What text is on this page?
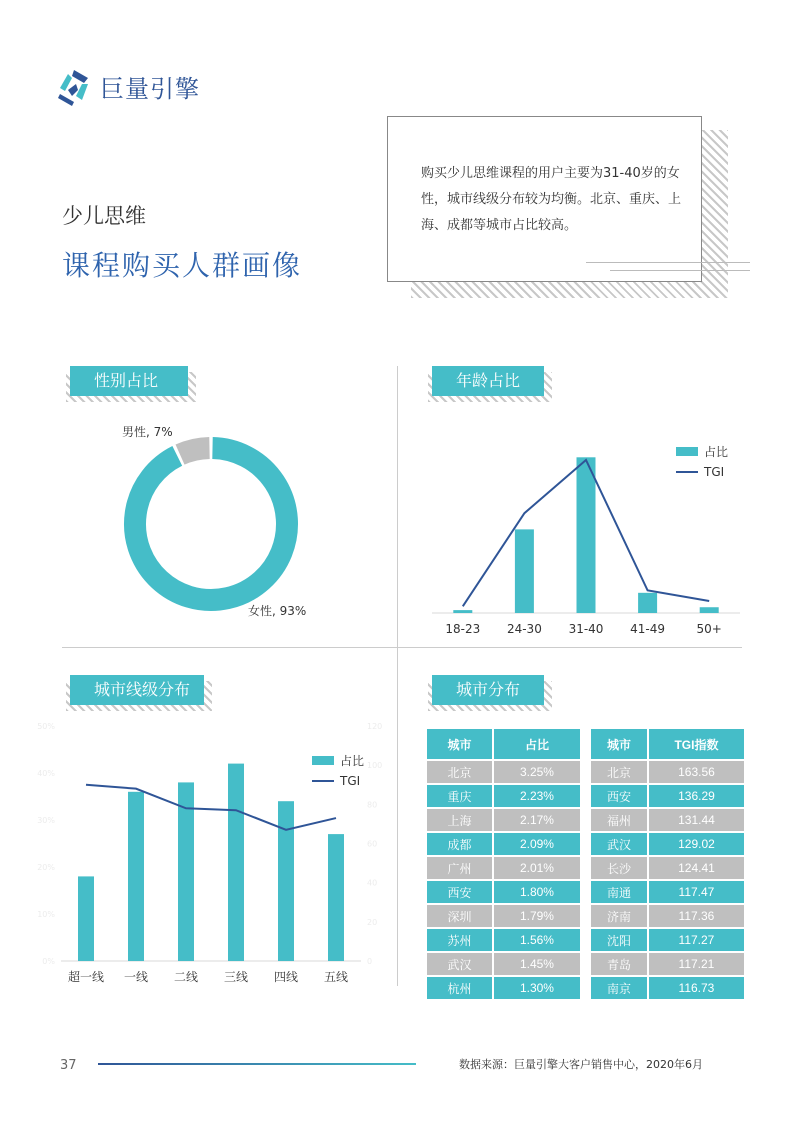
巨量引擎
少儿思维
课程购买人群画像
购买少儿思维课程的用户主要为31-40岁的女性，城市线级分布较为均衡。北京、重庆、上海、成都等城市占比较高。
性别占比	年龄占比
城市线级分布	城市分布
女性, 93%
男性, 7%
18-23 24-30 31-40 41-49	50+
占比
TGI
超一线 一线 二线 三线 四线 五线
占比
TGI
0%
10%
20%
30%
40%
50%
0
20
40
60
80
100
120
城市	占比
北京	3.25%
重庆	2.23%
上海	2.17%
成都	2.09%
广州	2.01%
西安	1.80%
深圳	1.79%
苏州	1.56%
武汉	1.45%
杭州	1.30%
城市	TGI指数
北京	163.56
西安	136.29
福州	131.44
武汉	129.02
长沙	124.41
南通	117.47
济南	117.36
沈阳	117.27
青岛	117.21
南京	116.73
37	数据来源：巨量引擎大客户销售中心，2020年6月
